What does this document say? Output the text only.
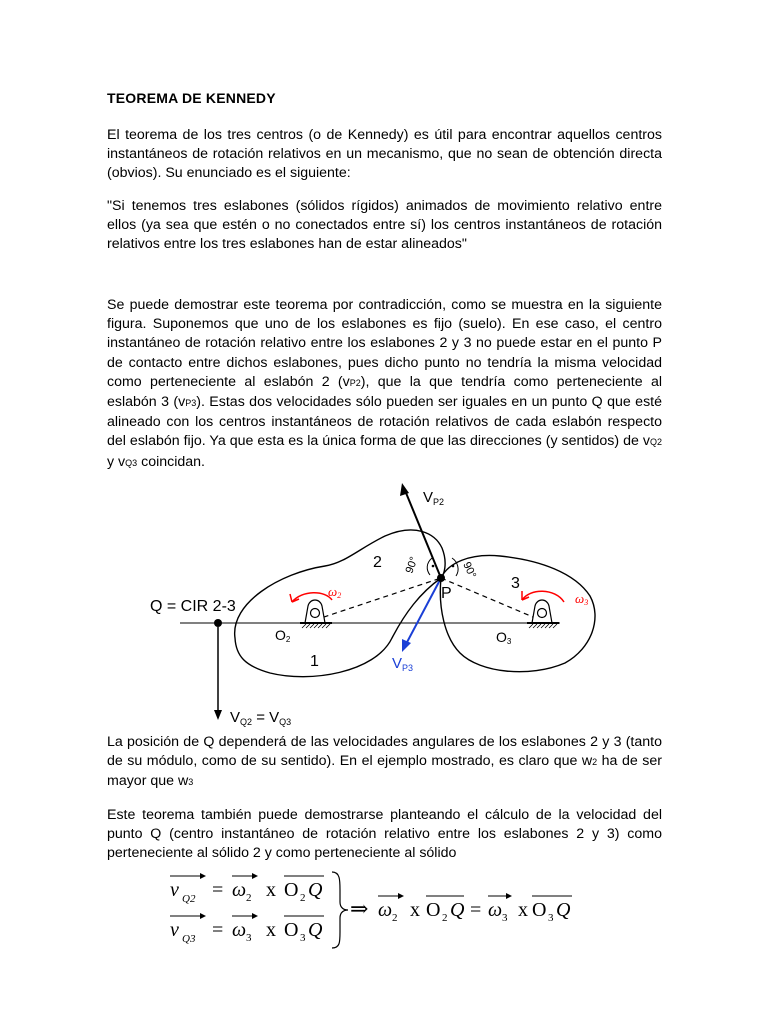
TEOREMA DE KENNEDY

El teorema de los tres centros (o de Kennedy) es útil para encontrar aquellos centros instantáneos de rotación relativos en un mecanismo, que no sean de obtención directa (obvios). Su enunciado es el siguiente:

"Si tenemos tres eslabones (sólidos rígidos) animados de movimiento relativo entre ellos (ya sea que estén o no conectados entre sí) los centros instantáneos de rotación relativos entre los tres eslabones han de estar alineados"

Se puede demostrar este teorema por contradicción, como se muestra en la siguiente figura. Suponemos que uno de los eslabones es fijo (suelo). En ese caso, el centro instantáneo de rotación relativo entre los eslabones 2 y 3 no puede estar en el punto P de contacto entre dichos eslabones, pues dicho punto no tendría la misma velocidad como perteneciente al eslabón 2 (vP2), que la que tendría como perteneciente al eslabón 3 (vP3). Estas dos velocidades sólo pueden ser iguales en un punto Q que esté alineado con los centros instantáneos de rotación relativos de cada eslabón respecto del eslabón fijo. Ya que esta es la única forma de que las direcciones (y sentidos) de vQ2 y vQ3 coincidan.

$V_{P2}$
$V_{P3}$
2
3
1
P
Q = CIR 2-3
O2	O3
ω2	ω3
90°	90°
$V_{Q2} = V_{Q3}$

La posición de Q dependerá de las velocidades angulares de los eslabones 2 y 3 (tanto de su módulo, como de su sentido). En el ejemplo mostrado, es claro que w2 ha de ser mayor que w3

Este teorema también puede demostrarse planteando el cálculo de la velocidad del punto Q (centro instantáneo de rotación relativo entre los eslabones 2 y 3) como perteneciente al sólido 2 y como perteneciente al sólido

v Q2 = ω 2 x O 2 Q
v Q3 = ω 3 x O 3 Q
⇒ ω 2 x O 2 Q = ω 3 x O 3 Q
